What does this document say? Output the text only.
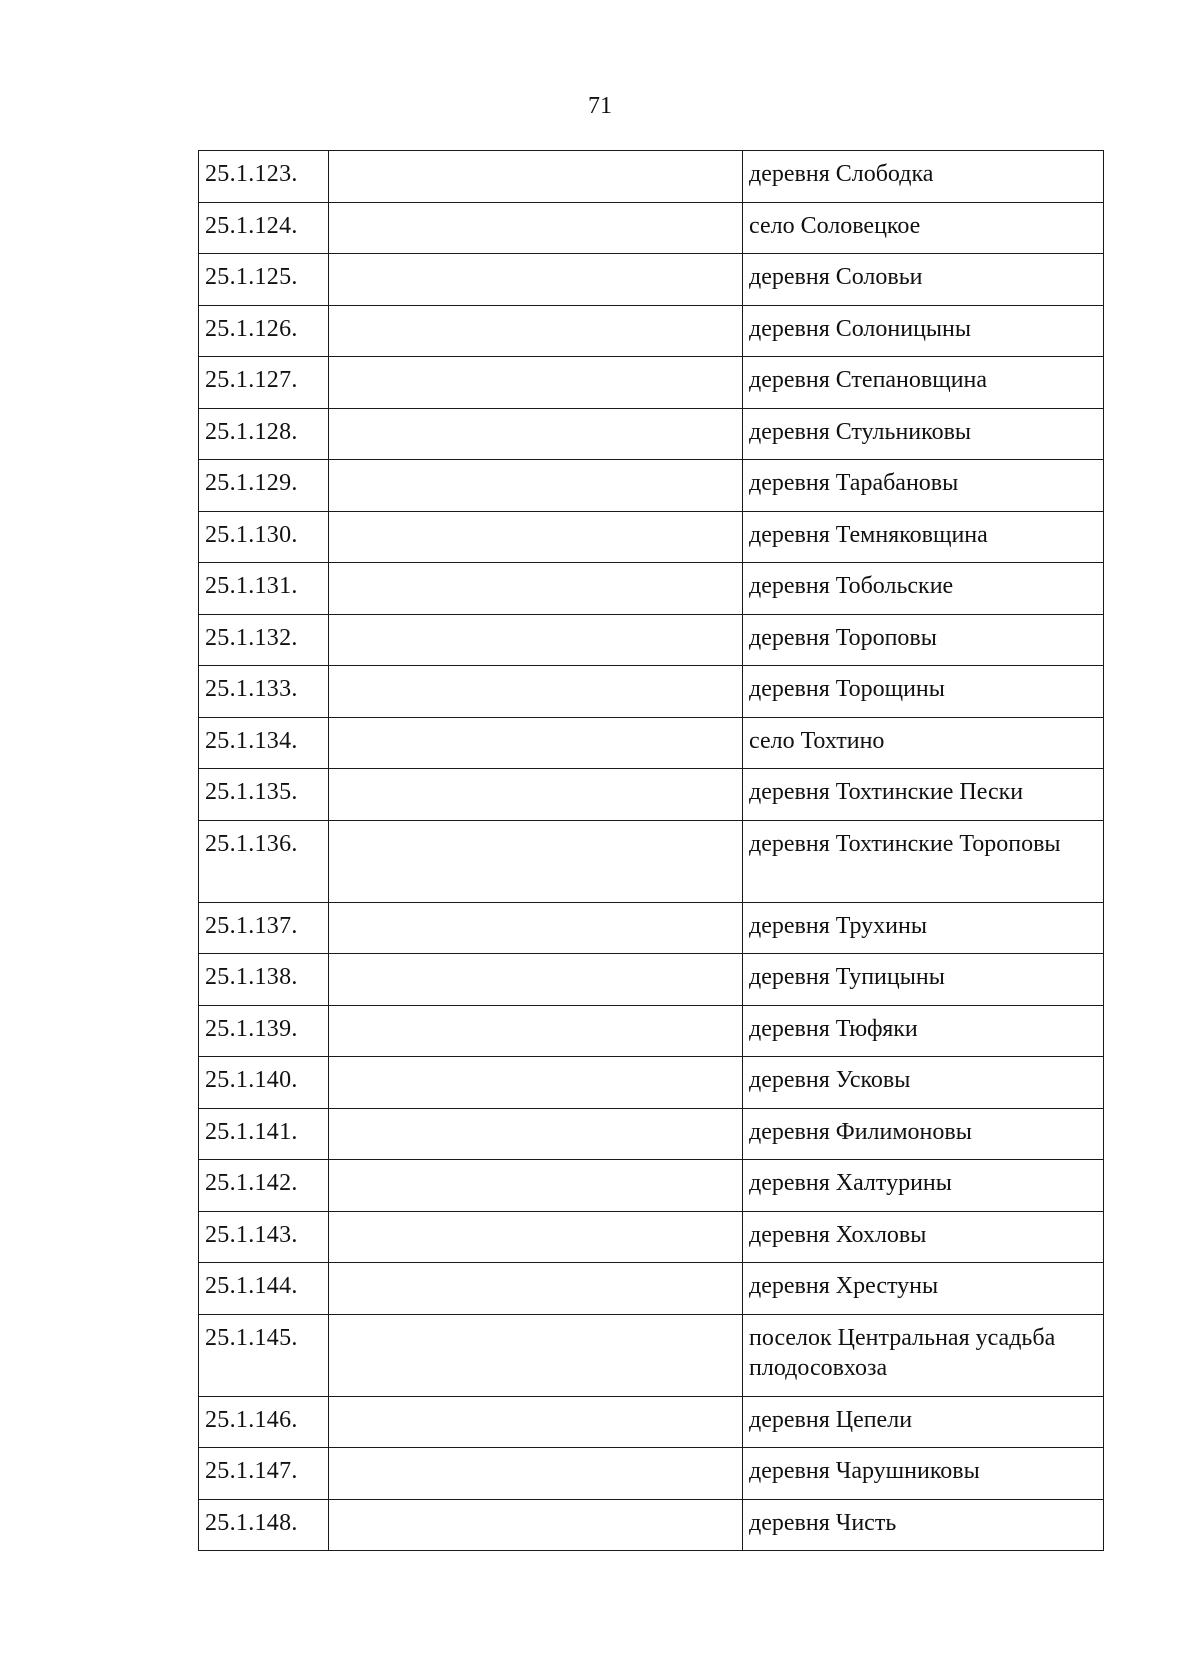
71
25.1.123.		деревня Слободка
25.1.124.		село Соловецкое
25.1.125.		деревня Соловьи
25.1.126.		деревня Солоницыны
25.1.127.		деревня Степановщина
25.1.128.		деревня Стульниковы
25.1.129.		деревня Тарабановы
25.1.130.		деревня Темняковщина
25.1.131.		деревня Тобольские
25.1.132.		деревня Тороповы
25.1.133.		деревня Торощины
25.1.134.		село Тохтино
25.1.135.		деревня Тохтинские Пески
25.1.136.		деревня Тохтинские Тороповы
25.1.137.		деревня Трухины
25.1.138.		деревня Тупицыны
25.1.139.		деревня Тюфяки
25.1.140.		деревня Усковы
25.1.141.		деревня Филимоновы
25.1.142.		деревня Халтурины
25.1.143.		деревня Хохловы
25.1.144.		деревня Хрестуны
25.1.145.		поселок Центральная усадьба плодосовхоза
25.1.146.		деревня Цепели
25.1.147.		деревня Чарушниковы
25.1.148.		деревня Чисть
